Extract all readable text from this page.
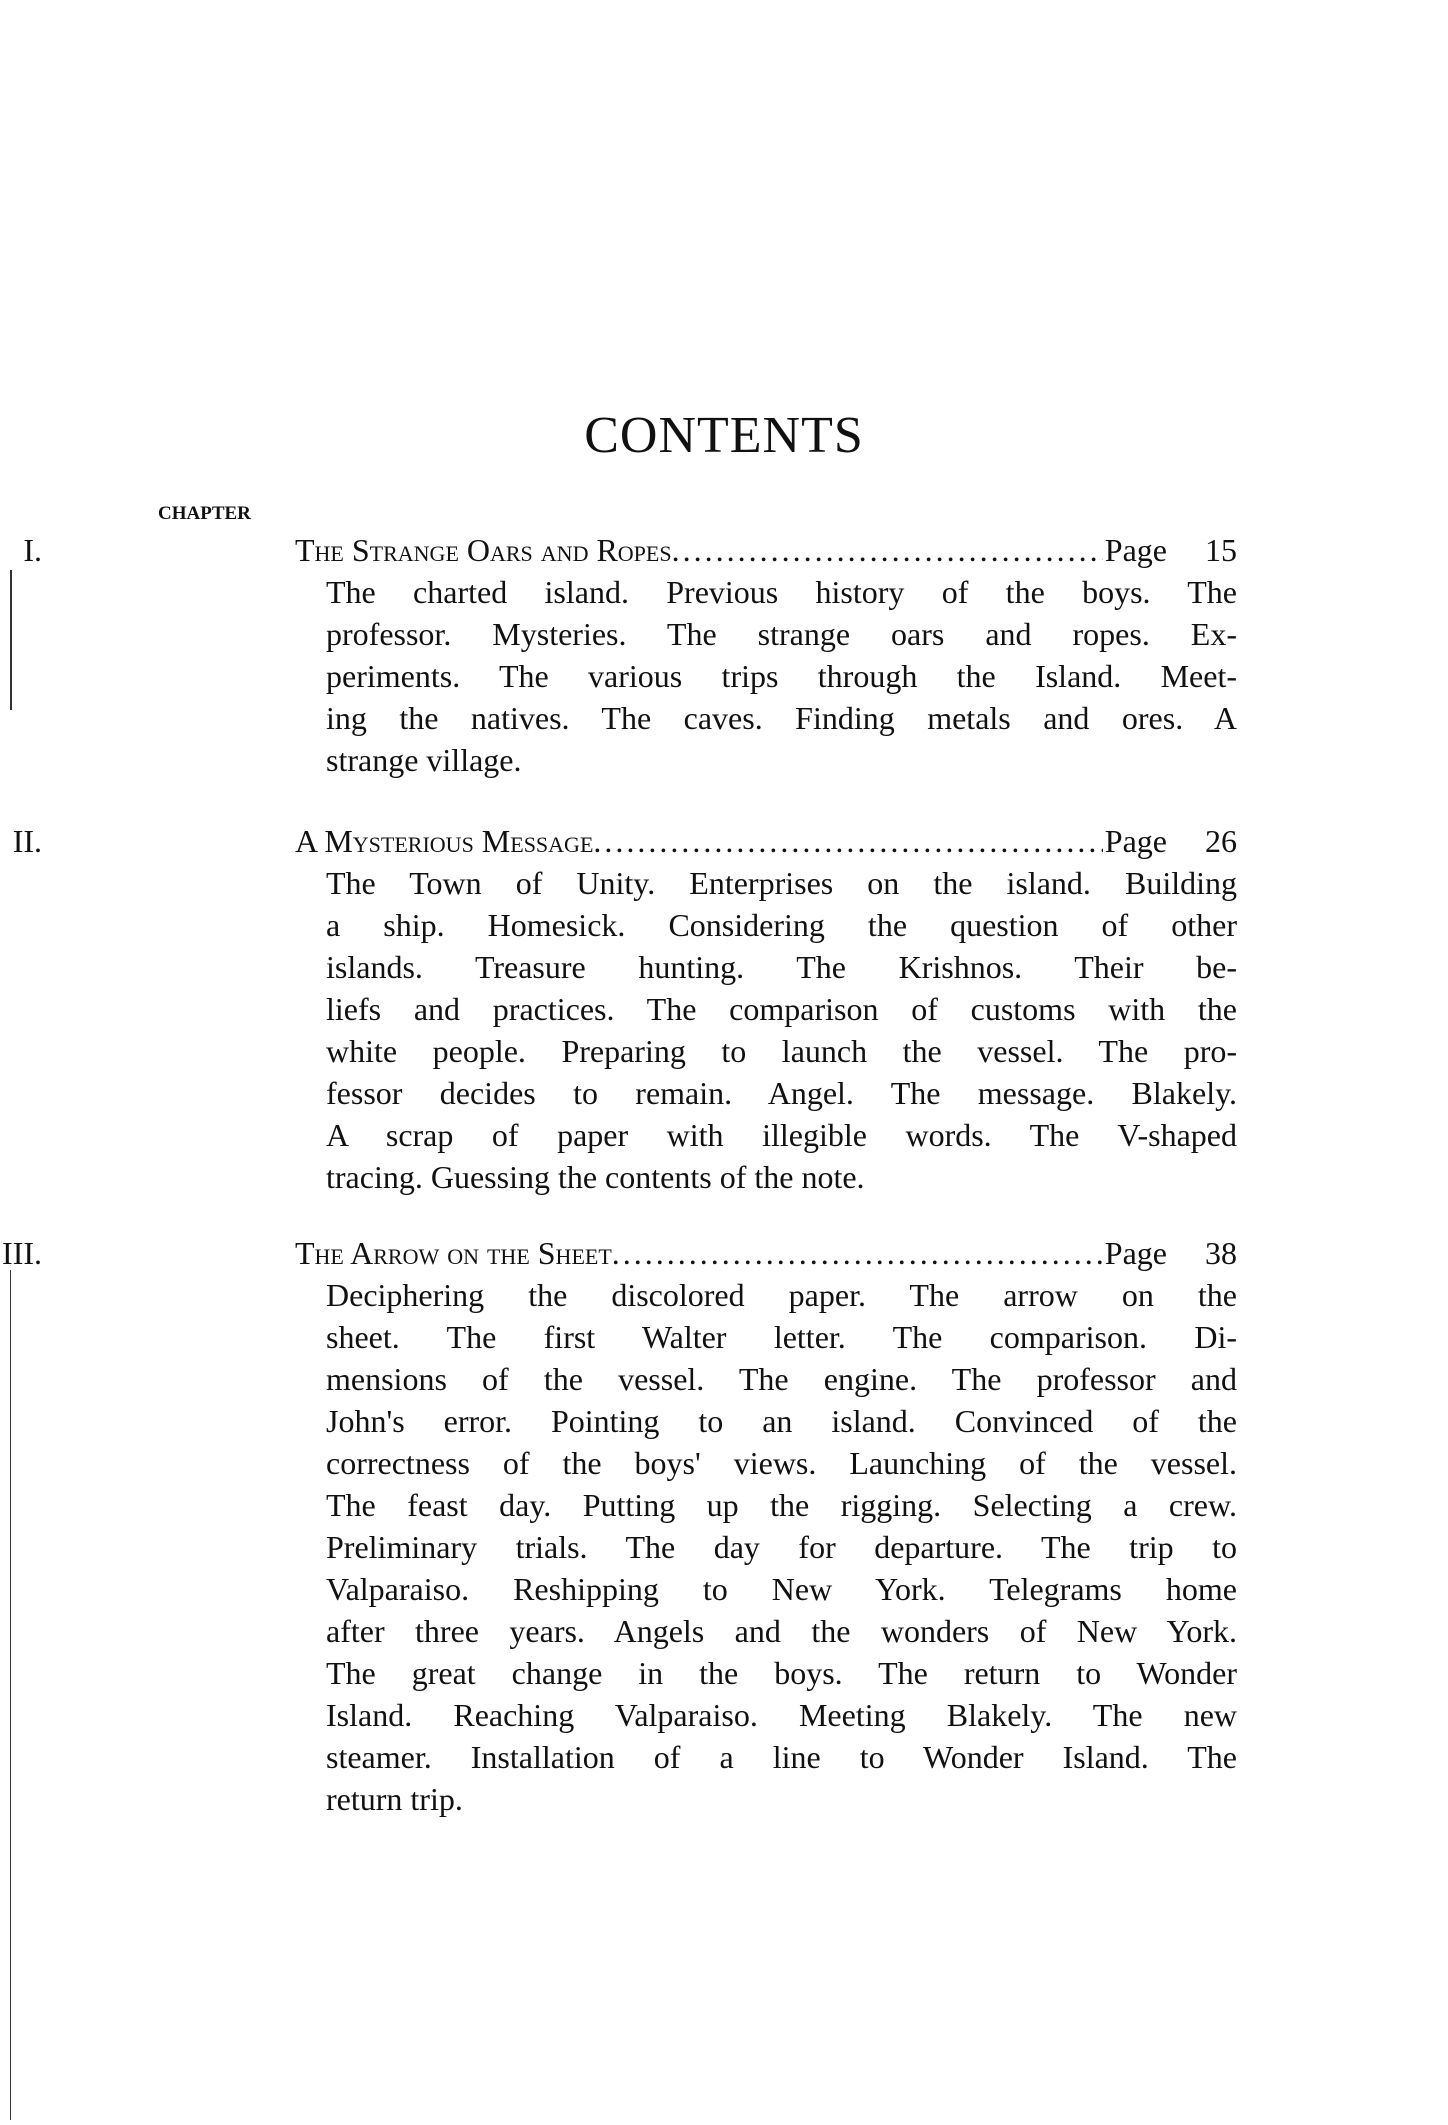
CONTENTS
CHAPTER
I.	The Strange Oars and Ropes .....	Page	15
The charted island. Previous history of the boys. The
professor. Mysteries. The strange oars and ropes. Ex-
periments. The various trips through the Island. Meet-
ing the natives. The caves. Finding metals and ores. A
strange village.
II.	A Mysterious Message .....	Page	26
The Town of Unity. Enterprises on the island. Building
a ship. Homesick. Considering the question of other
islands. Treasure hunting. The Krishnos. Their be-
liefs and practices. The comparison of customs with the
white people. Preparing to launch the vessel. The pro-
fessor decides to remain. Angel. The message. Blakely.
A scrap of paper with illegible words. The V-shaped
tracing. Guessing the contents of the note.
III.	The Arrow on the Sheet .....	Page	38
Deciphering the discolored paper. The arrow on the
sheet. The first Walter letter. The comparison. Di-
mensions of the vessel. The engine. The professor and
John's error. Pointing to an island. Convinced of the
correctness of the boys' views. Launching of the vessel.
The feast day. Putting up the rigging. Selecting a crew.
Preliminary trials. The day for departure. The trip to
Valparaiso. Reshipping to New York. Telegrams home
after three years. Angels and the wonders of New York.
The great change in the boys. The return to Wonder
Island. Reaching Valparaiso. Meeting Blakely. The new
steamer. Installation of a line to Wonder Island. The
return trip.
